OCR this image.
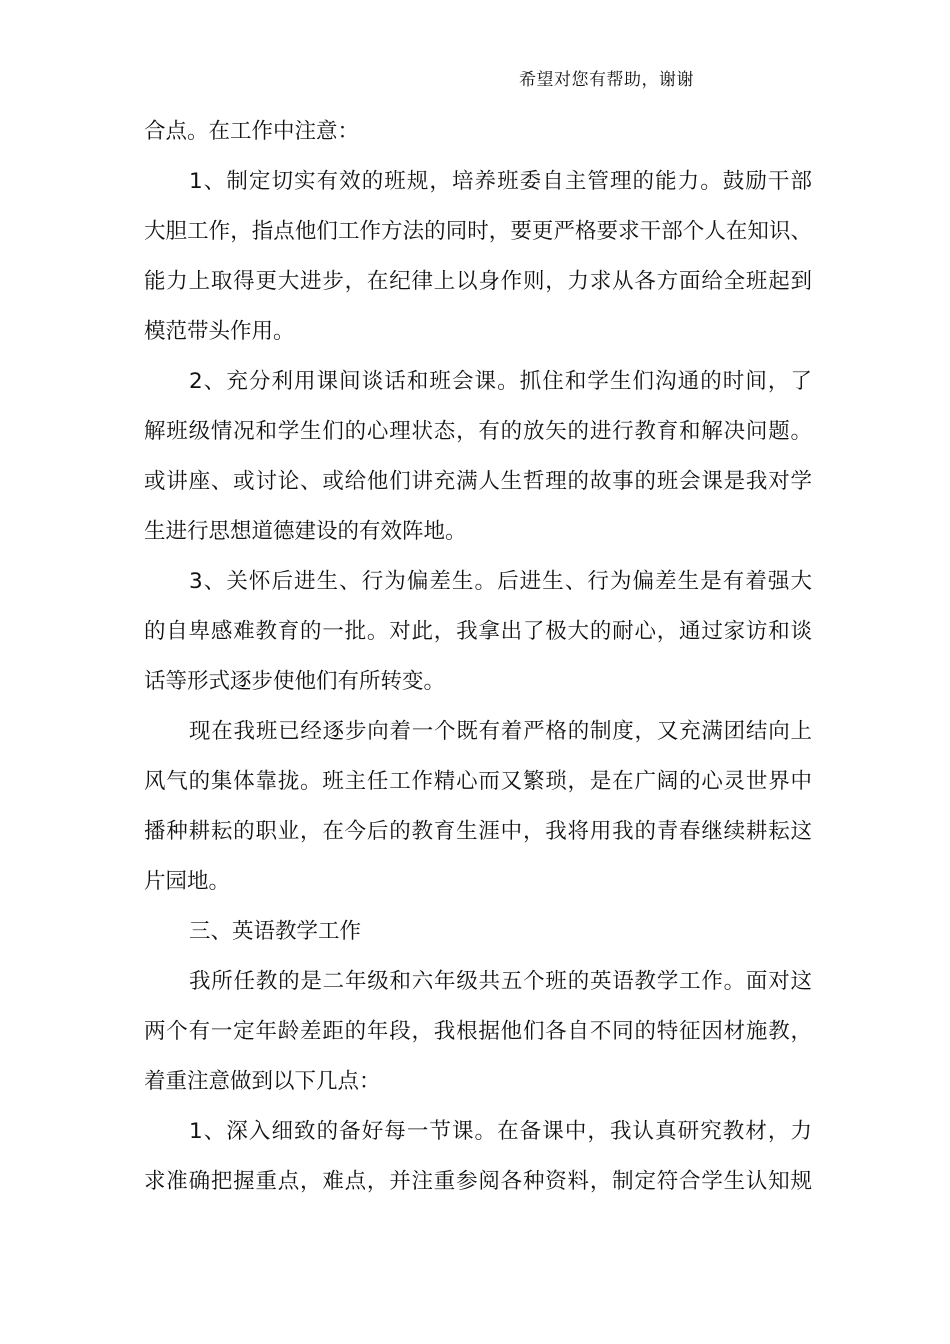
希望对您有帮助，谢谢
合点。在工作中注意：
1、制定切实有效的班规，培养班委自主管理的能力。鼓励干部
大胆工作，指点他们工作方法的同时，要更严格要求干部个人在知识、
能力上取得更大进步，在纪律上以身作则，力求从各方面给全班起到
模范带头作用。
2、充分利用课间谈话和班会课。抓住和学生们沟通的时间，了
解班级情况和学生们的心理状态，有的放矢的进行教育和解决问题。
或讲座、或讨论、或给他们讲充满人生哲理的故事的班会课是我对学
生进行思想道德建设的有效阵地。
3、关怀后进生、行为偏差生。后进生、行为偏差生是有着强大
的自卑感难教育的一批。对此，我拿出了极大的耐心，通过家访和谈
话等形式逐步使他们有所转变。
现在我班已经逐步向着一个既有着严格的制度，又充满团结向上
风气的集体靠拢。班主任工作精心而又繁琐，是在广阔的心灵世界中
播种耕耘的职业，在今后的教育生涯中，我将用我的青春继续耕耘这
片园地。
三、英语教学工作
我所任教的是二年级和六年级共五个班的英语教学工作。面对这
两个有一定年龄差距的年段，我根据他们各自不同的特征因材施教，
着重注意做到以下几点：
1、深入细致的备好每一节课。在备课中，我认真研究教材，力
求准确把握重点，难点，并注重参阅各种资料，制定符合学生认知规
